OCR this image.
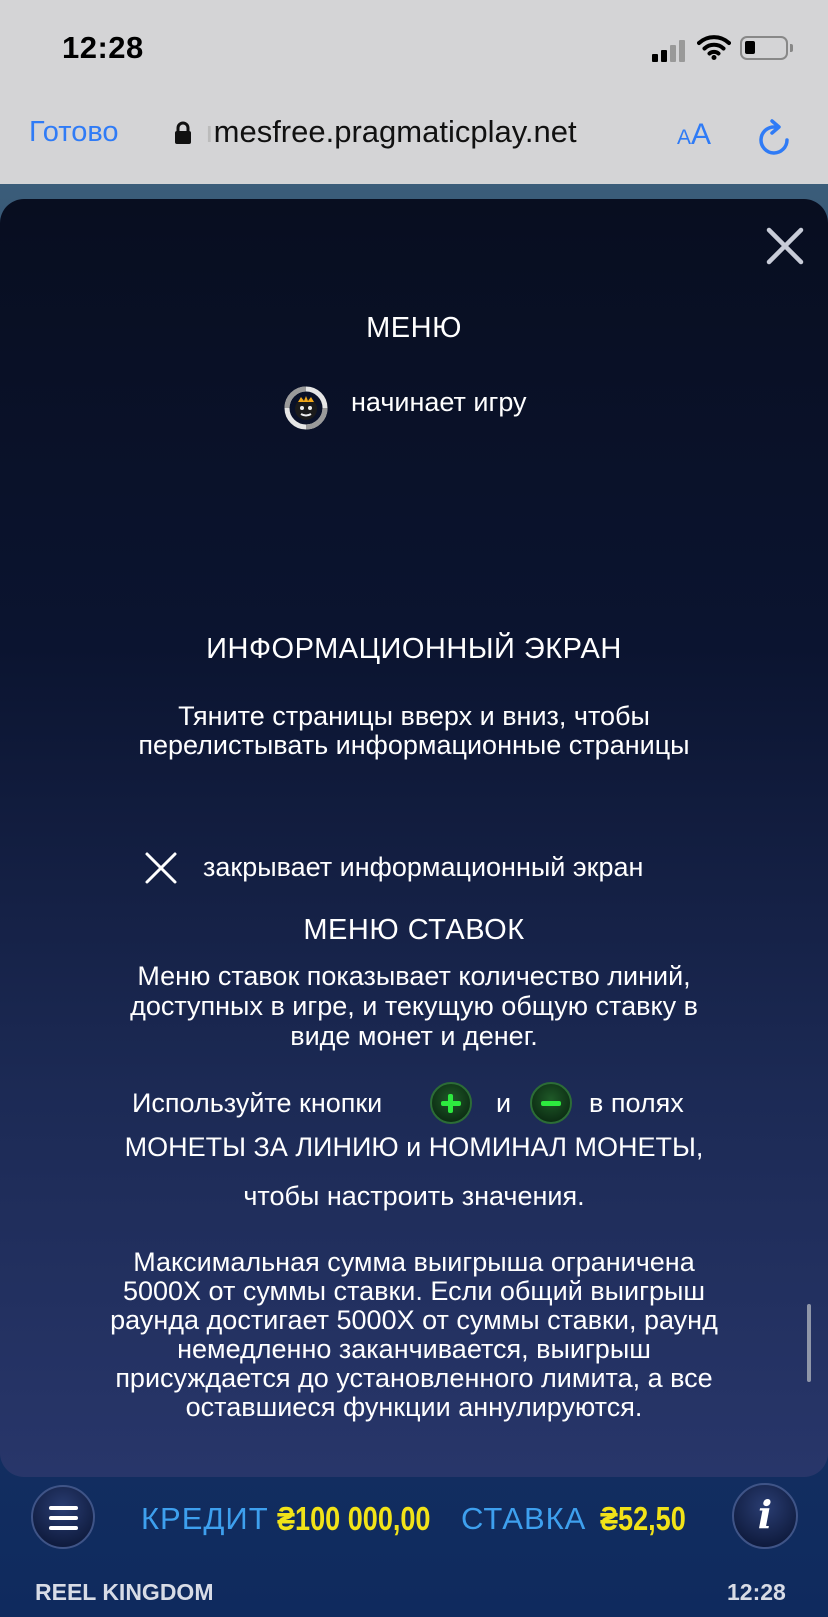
12:28
Готово	ımesfree.pragmaticplay.net	AA
МЕНЮ
начинает игру
ИНФОРМАЦИОННЫЙ ЭКРАН
Тяните страницы вверх и вниз, чтобы
перелистывать информационные страницы
закрывает информационный экран
МЕНЮ СТАВОК
Меню ставок показывает количество линий,
доступных в игре, и текущую общую ставку в
виде монет и денег.
Используйте кнопки	и	в полях
МОНЕТЫ ЗА ЛИНИЮ и НОМИНАЛ МОНЕТЫ,
чтобы настроить значения.
Максимальная сумма выигрыша ограничена
5000X от суммы ставки. Если общий выигрыш
раунда достигает 5000X от суммы ставки, раунд
немедленно заканчивается, выигрыш
присуждается до установленного лимита, а все
оставшиеся функции аннулируются.
КРЕДИТ ₴100 000,00 СТАВКА ₴52,50	i
REEL KINGDOM	12:28
